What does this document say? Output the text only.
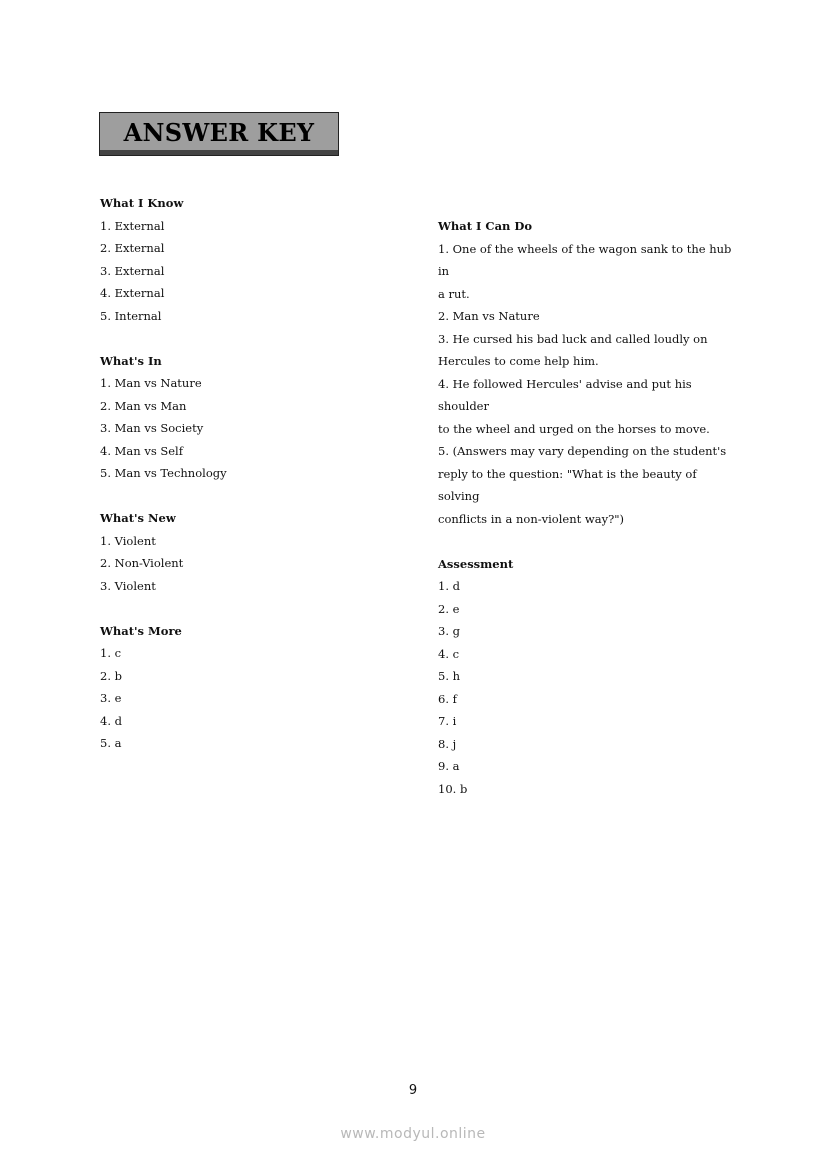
ANSWER KEY
What I Know
1. External
2. External
3. External
4. External
5. Internal
What's In
1. Man vs Nature
2. Man vs Man
3. Man vs Society
4. Man vs Self
5. Man vs Technology
What's New
1. Violent
2. Non-Violent
3. Violent
What's More
1. c
2. b
3. e
4. d
5. a
What I Can Do
1. One of the wheels of the wagon sank to the hub in
a rut.
2. Man vs Nature
3. He cursed his bad luck and called loudly on
Hercules to come help him.
4. He followed Hercules' advise and put his shoulder
to the wheel and urged on the horses to move.
5. (Answers may vary depending on the student's
reply to the question: "What is the beauty of solving
conflicts in a non-violent way?")
Assessment
1. d
2. e
3. g
4. c
5. h
6. f
7. i
8. j
9. a
10. b
9
www.modyul.online
